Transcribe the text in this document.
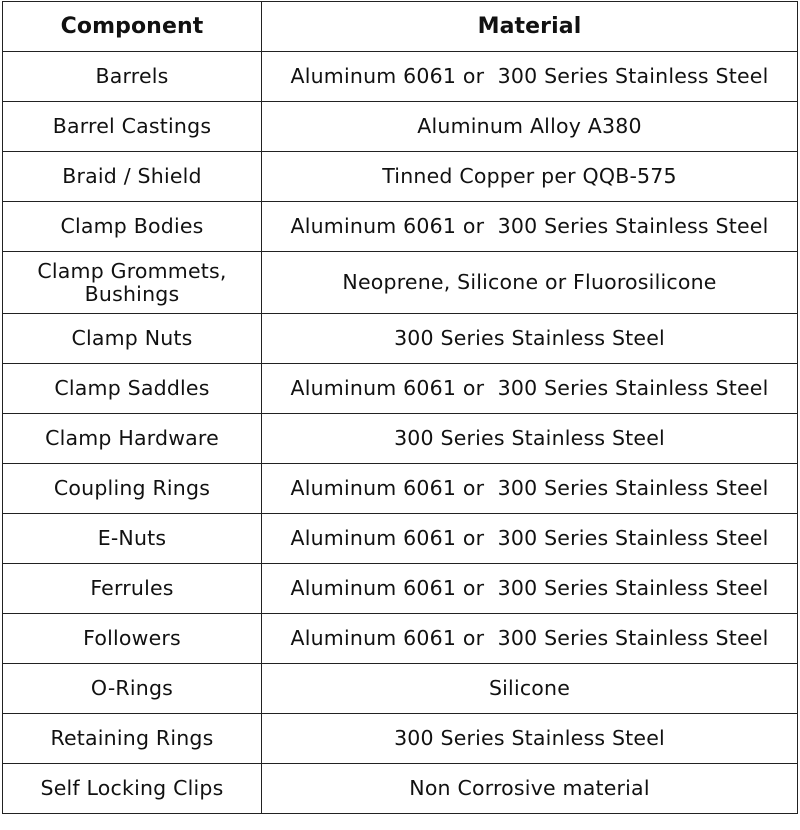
Component	Material
Barrels	Aluminum 6061 or  300 Series Stainless Steel
Barrel Castings	Aluminum Alloy A380
Braid / Shield	Tinned Copper per QQB-575
Clamp Bodies	Aluminum 6061 or  300 Series Stainless Steel
Clamp Grommets,
Bushings	Neoprene, Silicone or Fluorosilicone
Clamp Nuts	300 Series Stainless Steel
Clamp Saddles	Aluminum 6061 or  300 Series Stainless Steel
Clamp Hardware	300 Series Stainless Steel
Coupling Rings	Aluminum 6061 or  300 Series Stainless Steel
E-Nuts	Aluminum 6061 or  300 Series Stainless Steel
Ferrules	Aluminum 6061 or  300 Series Stainless Steel
Followers	Aluminum 6061 or  300 Series Stainless Steel
O-Rings	Silicone
Retaining Rings	300 Series Stainless Steel
Self Locking Clips	Non Corrosive material
